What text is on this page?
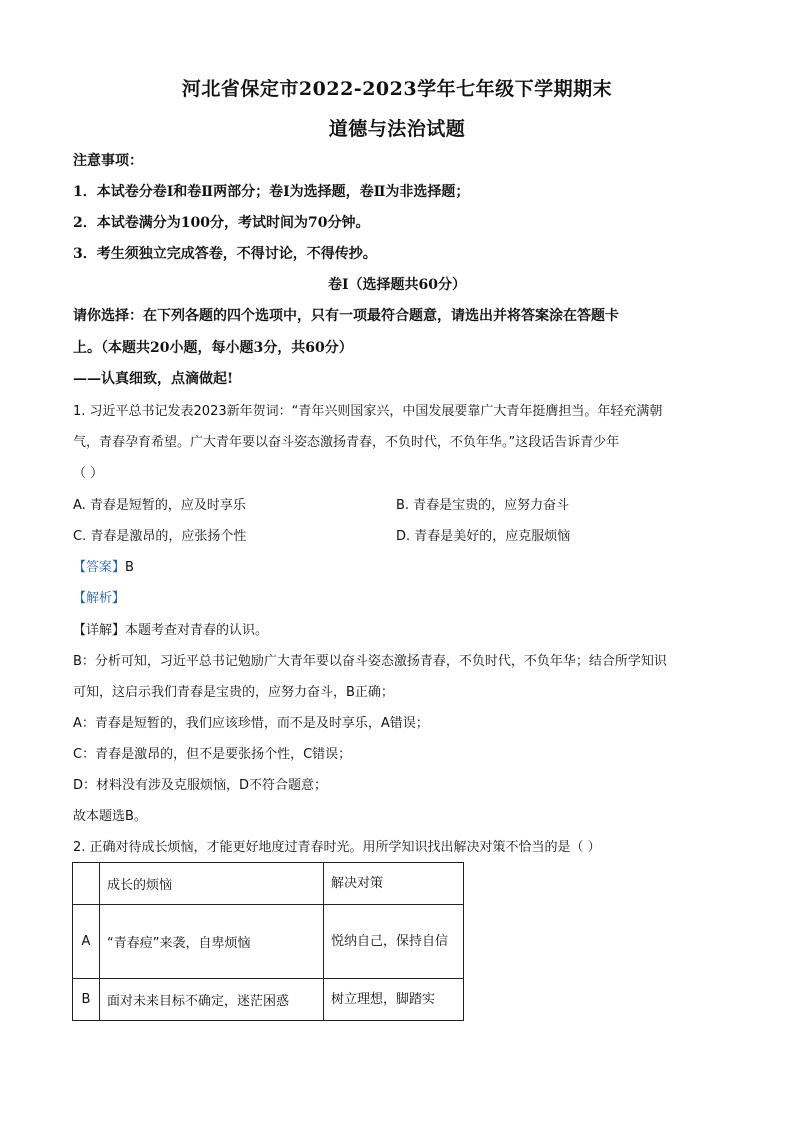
河北省保定市2022-2023学年七年级下学期期末
道德与法治试题
注意事项：
1．本试卷分卷Ⅰ和卷Ⅱ两部分；卷Ⅰ为选择题，卷Ⅱ为非选择题；
2．本试卷满分为100分，考试时间为70分钟。
3．考生须独立完成答卷，不得讨论，不得传抄。
卷Ⅰ（选择题共60分）
请你选择：在下列各题的四个选项中，只有一项最符合题意，请选出并将答案涂在答题卡
上。（本题共20小题，每小题3分，共60分）
——认真细致，点滴做起!
1. 习近平总书记发表2023新年贺词：“青年兴则国家兴，中国发展要靠广大青年挺膺担当。年轻充满朝
气，青春孕育希望。广大青年要以奋斗姿态激扬青春，不负时代，不负年华。”这段话告诉青少年
（ ）
A. 青春是短暂的，应及时享乐	B. 青春是宝贵的，应努力奋斗
C. 青春是激昂的，应张扬个性	D. 青春是美好的，应克服烦恼
【答案】B
【解析】
【详解】本题考查对青春的认识。
B：分析可知，习近平总书记勉励广大青年要以奋斗姿态激扬青春，不负时代，不负年华；结合所学知识
可知，这启示我们青春是宝贵的，应努力奋斗，B正确；
A：青春是短暂的，我们应该珍惜，而不是及时享乐，A错误；
C：青春是激昂的，但不是要张扬个性，C错误；
D：材料没有涉及克服烦恼，D不符合题意；
故本题选B。
2. 正确对待成长烦恼，才能更好地度过青春时光。用所学知识找出解决对策不恰当的是（ ）
	成长的烦恼	解决对策
A	“青春痘”来袭，自卑烦恼	悦纳自己，保持自信
B	面对未来目标不确定，迷茫困惑	树立理想，脚踏实
